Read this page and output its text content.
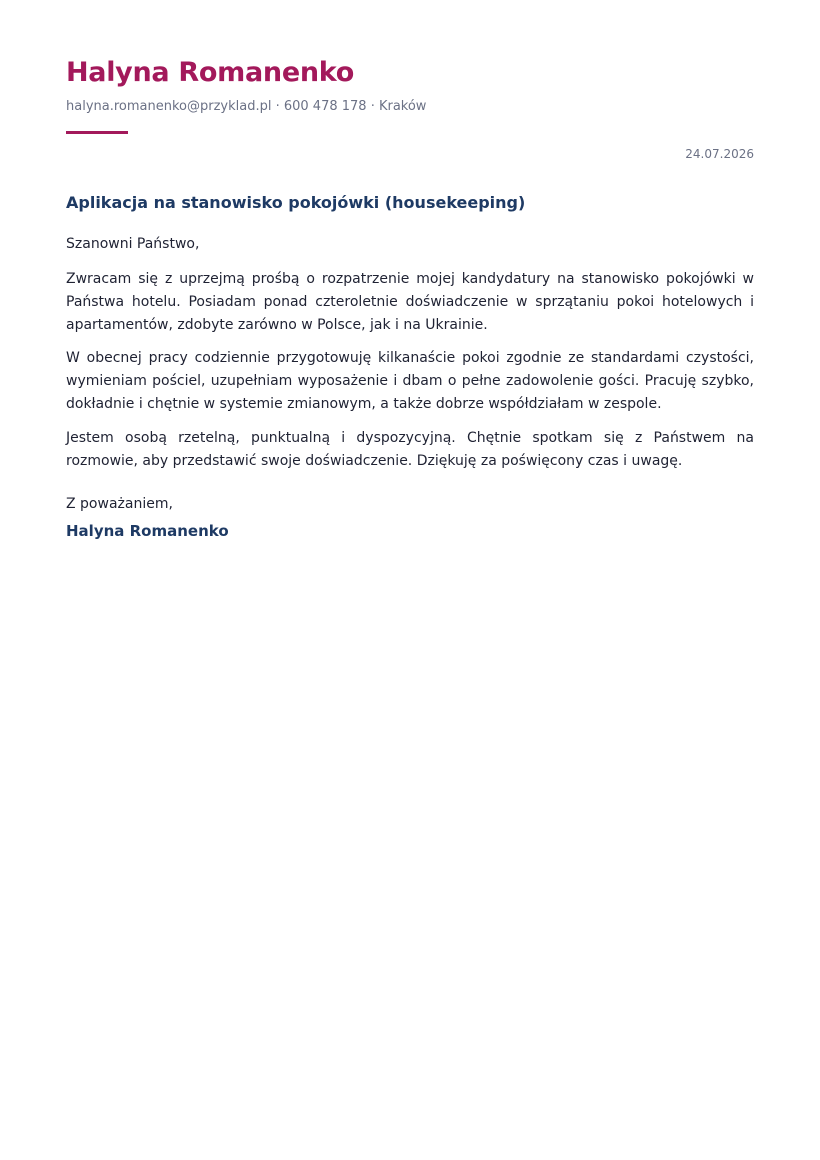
Halyna Romanenko
halyna.romanenko@przyklad.pl · 600 478 178 · Kraków
24.07.2026
Aplikacja na stanowisko pokojówki (housekeeping)
Szanowni Państwo,

Zwracam się z uprzejmą prośbą o rozpatrzenie mojej kandydatury na stanowisko pokojówki w Państwa hotelu. Posiadam ponad czteroletnie doświadczenie w sprzątaniu pokoi hotelowych i apartamentów, zdobyte zarówno w Polsce, jak i na Ukrainie.

W obecnej pracy codziennie przygotowuję kilkanaście pokoi zgodnie ze standardami czystości, wymieniam pościel, uzupełniam wyposażenie i dbam o pełne zadowolenie gości. Pracuję szybko, dokładnie i chętnie w systemie zmianowym, a także dobrze współdziałam w zespole.

Jestem osobą rzetelną, punktualną i dyspozycyjną. Chętnie spotkam się z Państwem na rozmowie, aby przedstawić swoje doświadczenie. Dziękuję za poświęcony czas i uwagę.

Z poważaniem,
Halyna Romanenko
